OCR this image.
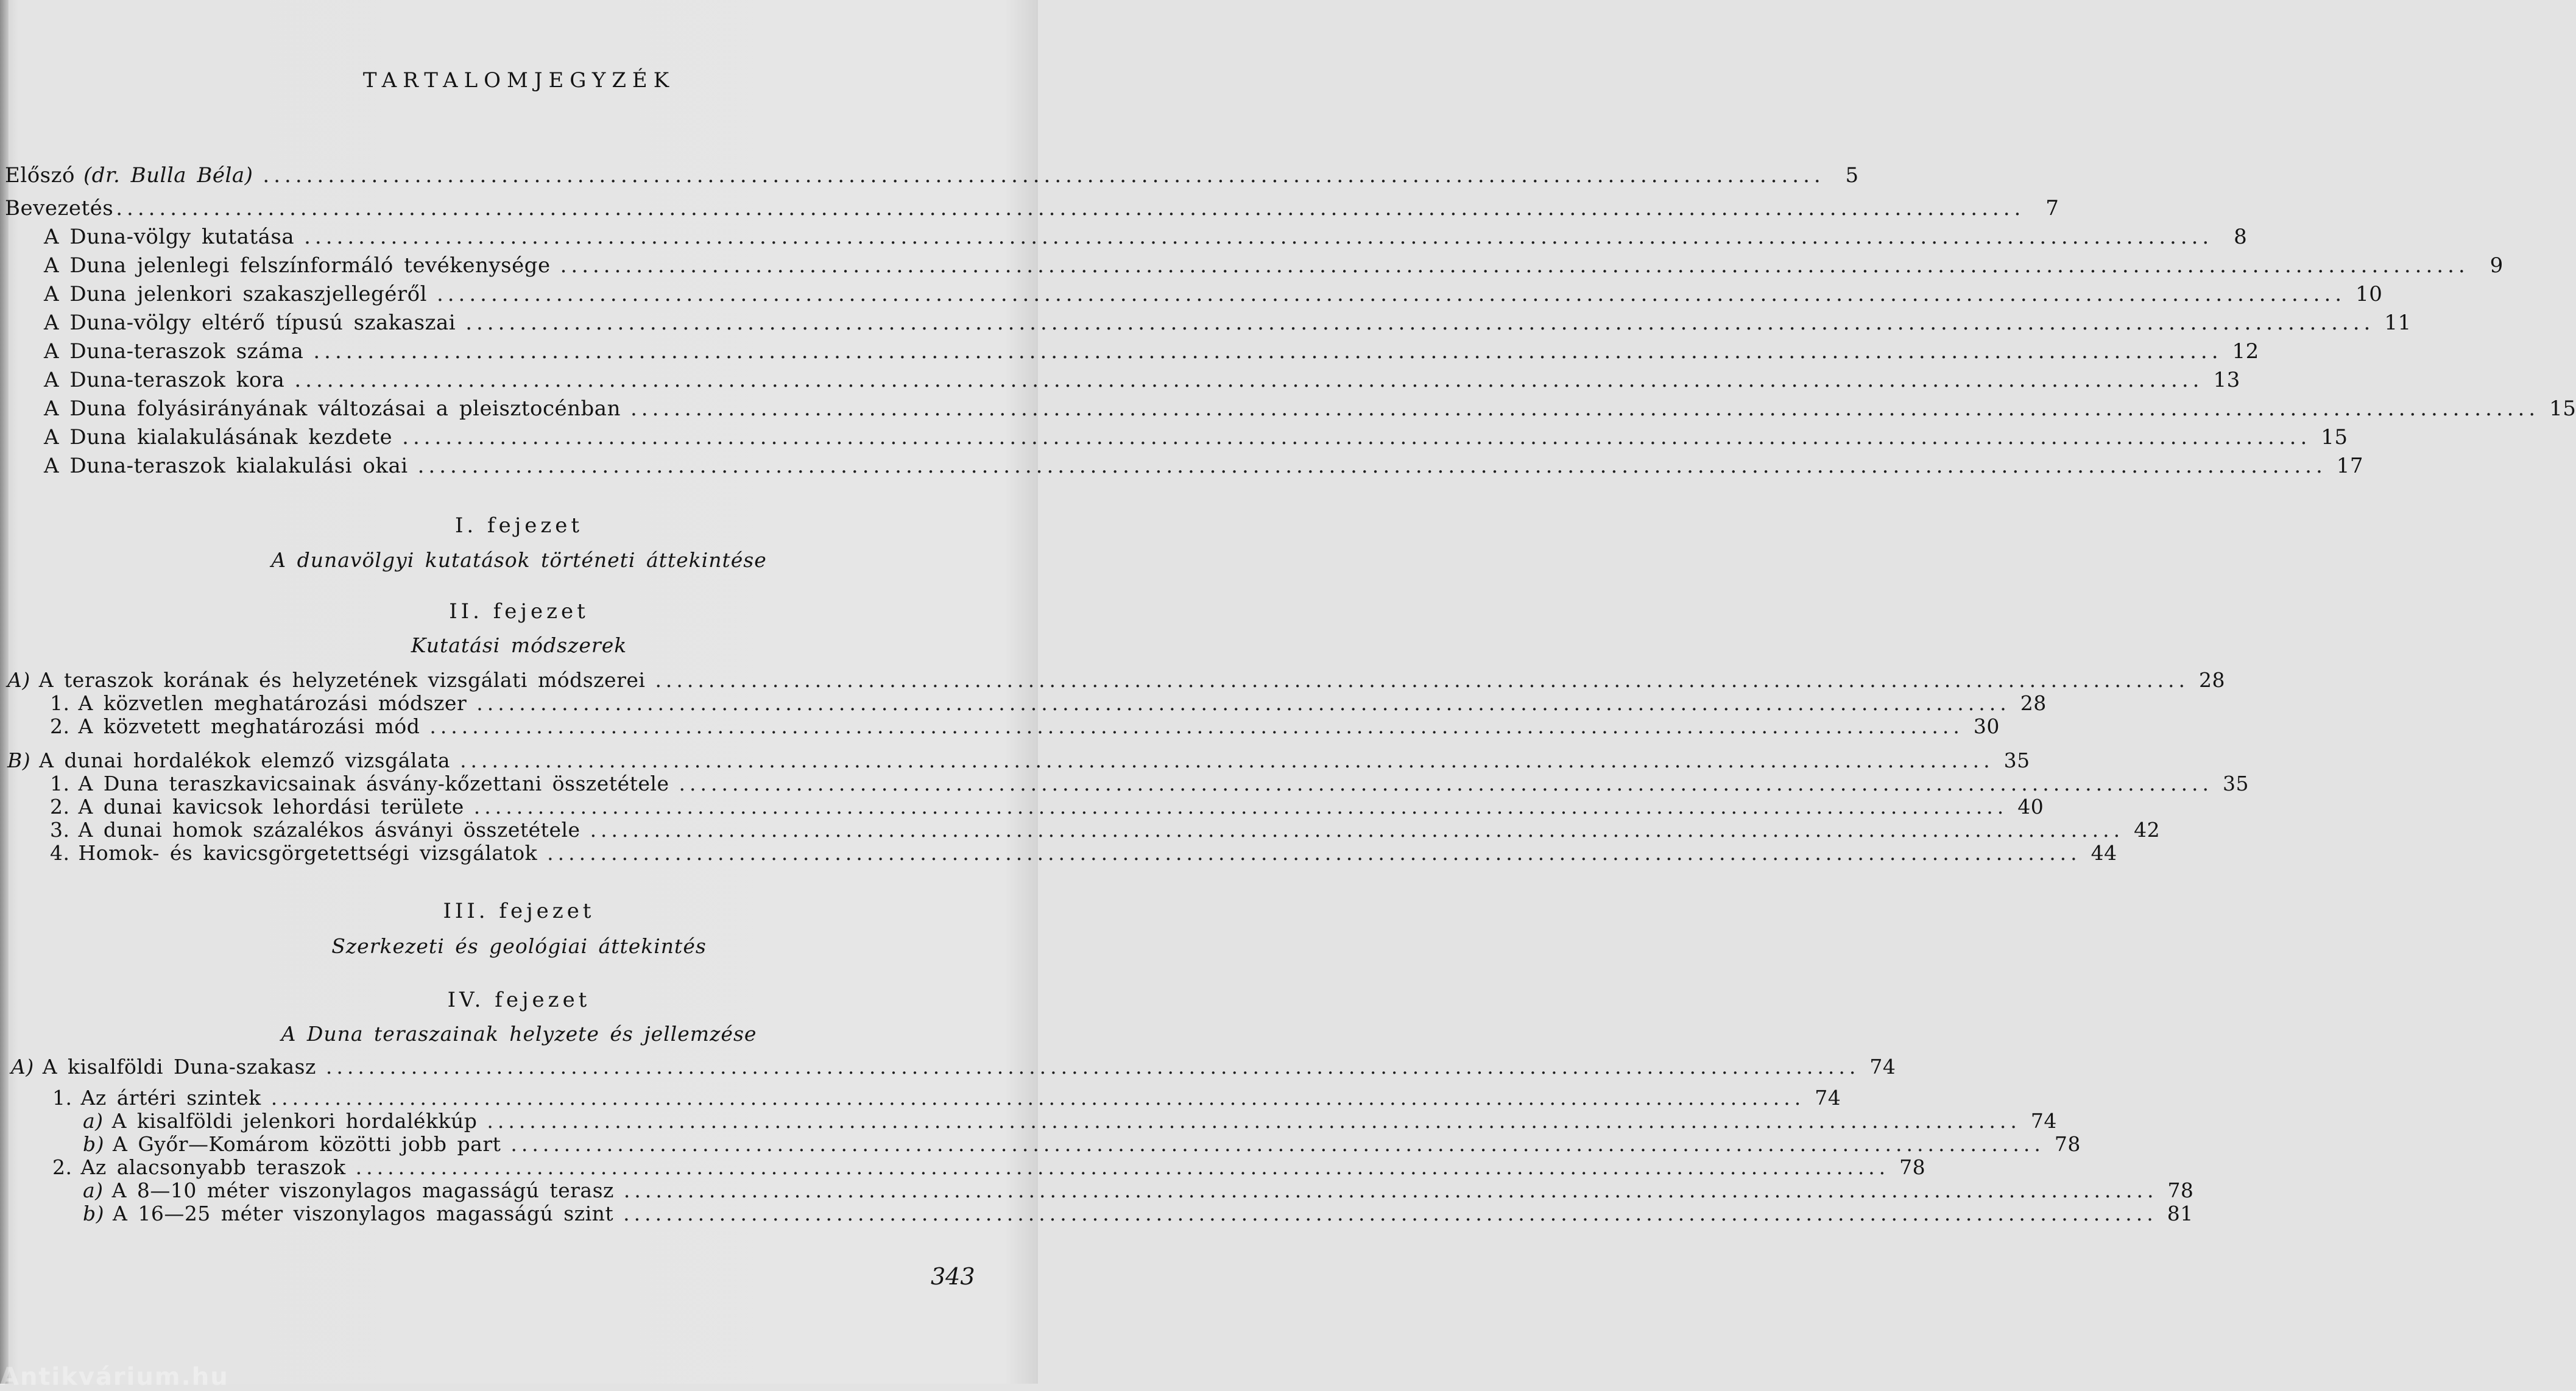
TARTALOMJEGYZÉK
Előszó (dr. Bulla Béla) ................................................................................................................................................ 5
Bevezetés ................................................................................................................................................................................ 7
A Duna-völgy kutatása ................................................................................................................................................................................ 8
A Duna jelenlegi felszínformáló tevékenysége ................................................................................................................................................................................ 9
A Duna jelenkori szakaszjellegéről ................................................................................................................................................................................ 10
A Duna-völgy eltérő típusú szakaszai ................................................................................................................................................................................ 11
A Duna-teraszok száma ................................................................................................................................................................................ 12
A Duna-teraszok kora ................................................................................................................................................................................ 13
A Duna folyásirányának változásai a pleisztocénban ................................................................................................................................................................................ 15
A Duna kialakulásának kezdete ................................................................................................................................................................................ 15
A Duna-teraszok kialakulási okai ................................................................................................................................................................................ 17
I. fejezet
A dunavölgyi kutatások történeti áttekintése
II. fejezet
Kutatási módszerek
A) A teraszok korának és helyzetének vizsgálati módszerei ................................................................................................................................................ 28
1. A közvetlen meghatározási módszer ................................................................................................................................................ 28
2. A közvetett meghatározási mód ................................................................................................................................................ 30
B) A dunai hordalékok elemző vizsgálata ................................................................................................................................................ 35
1. A Duna teraszkavicsainak ásvány-kőzettani összetétele ................................................................................................................................................ 35
2. A dunai kavicsok lehordási területe ................................................................................................................................................ 40
3. A dunai homok százalékos ásványi összetétele ................................................................................................................................................ 42
4. Homok- és kavicsgörgetettségi vizsgálatok ................................................................................................................................................ 44
III. fejezet
Szerkezeti és geológiai áttekintés
IV. fejezet
A Duna teraszainak helyzete és jellemzése
A) A kisalföldi Duna-szakasz ................................................................................................................................................ 74
1. Az ártéri szintek ................................................................................................................................................ 74
a) A kisalföldi jelenkori hordalékkúp ................................................................................................................................................ 74
b) A Győr—Komárom közötti jobb part ................................................................................................................................................ 78
2. Az alacsonyabb teraszok ................................................................................................................................................ 78
a) A 8—10 méter viszonylagos magasságú terasz ................................................................................................................................................ 78
b) A 16—25 méter viszonylagos magasságú szint ................................................................................................................................................ 81
343
Antikvárium.hu
